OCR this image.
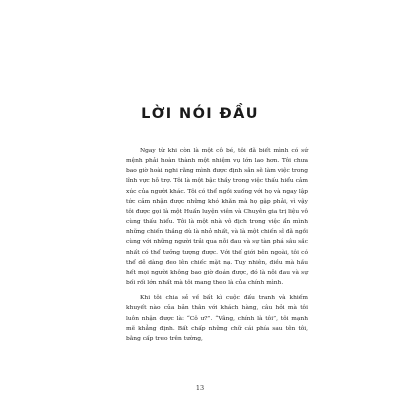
LỜI NÓI ĐẦU

Ngay từ khi còn là một cô bé, tôi đã biết mình có sứ mệnh phải hoàn thành một nhiệm vụ lớn lao hơn. Tôi chưa bao giờ hoài nghi rằng mình được định sẵn sẽ làm việc trong lĩnh vực hỗ trợ. Tôi là một bậc thầy trong việc thấu hiểu cảm xúc của người khác. Tôi có thể ngồi xuống với họ và ngay lập tức cảm nhận được những khó khăn mà họ gặp phải, vì vậy tôi được gọi là một Huấn luyện viên và Chuyên gia trị liệu vô cùng thấu hiểu. Tôi là một nhà vô địch trong việc ẩn mình những chiến thắng dù là nhỏ nhất, và là một chiến sĩ đã ngồi cùng với những người trải qua nỗi đau và sự tàn phá sâu sắc nhất có thể tưởng tượng được. Với thế giới bên ngoài, tôi có thể dễ dàng đeo lên chiếc mặt nạ. Tuy nhiên, điều mà hầu hết mọi người không bao giờ đoán được, đó là nỗi đau và sự bối rối lớn nhất mà tôi mang theo là của chính mình.

Khi tôi chia sẻ về bất kì cuộc đấu tranh và khiếm khuyết nào của bản thân với khách hàng, câu hỏi mà tôi luôn nhận được là: “Cô ư?”. “Vâng, chính là tôi”, tôi mạnh mẽ khẳng định. Bất chấp những chữ cái phía sau tên tôi, bằng cấp treo trên tường,

13
